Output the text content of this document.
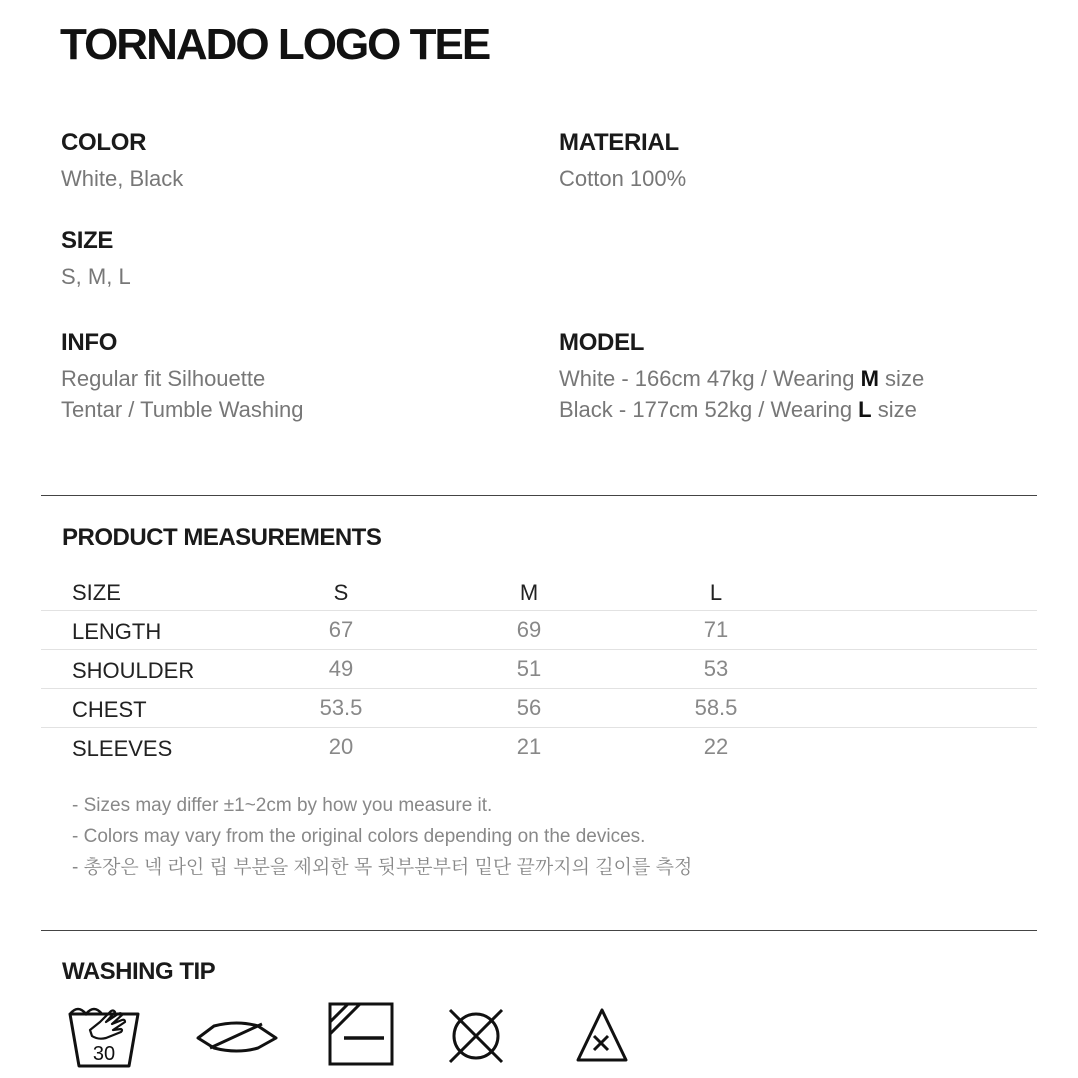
TORNADO LOGO TEE
COLOR
White, Black
MATERIAL
Cotton 100%
SIZE
S, M, L
INFO
Regular fit Silhouette
Tentar / Tumble Washing
MODEL
White - 166cm 47kg / Wearing M size
Black - 177cm 52kg / Wearing L size
PRODUCT MEASUREMENTS
SIZE	S	M	L
LENGTH	67	69	71
SHOULDER	49	51	53
CHEST	53.5	56	58.5
SLEEVES	20	21	22
- Sizes may differ ±1~2cm by how you measure it.
- Colors may vary from the original colors depending on the devices.
- 총장은 넥 라인 립 부분을 제외한 목 뒷부분부터 밑단 끝까지의 길이를 측정
WASHING TIP
30
